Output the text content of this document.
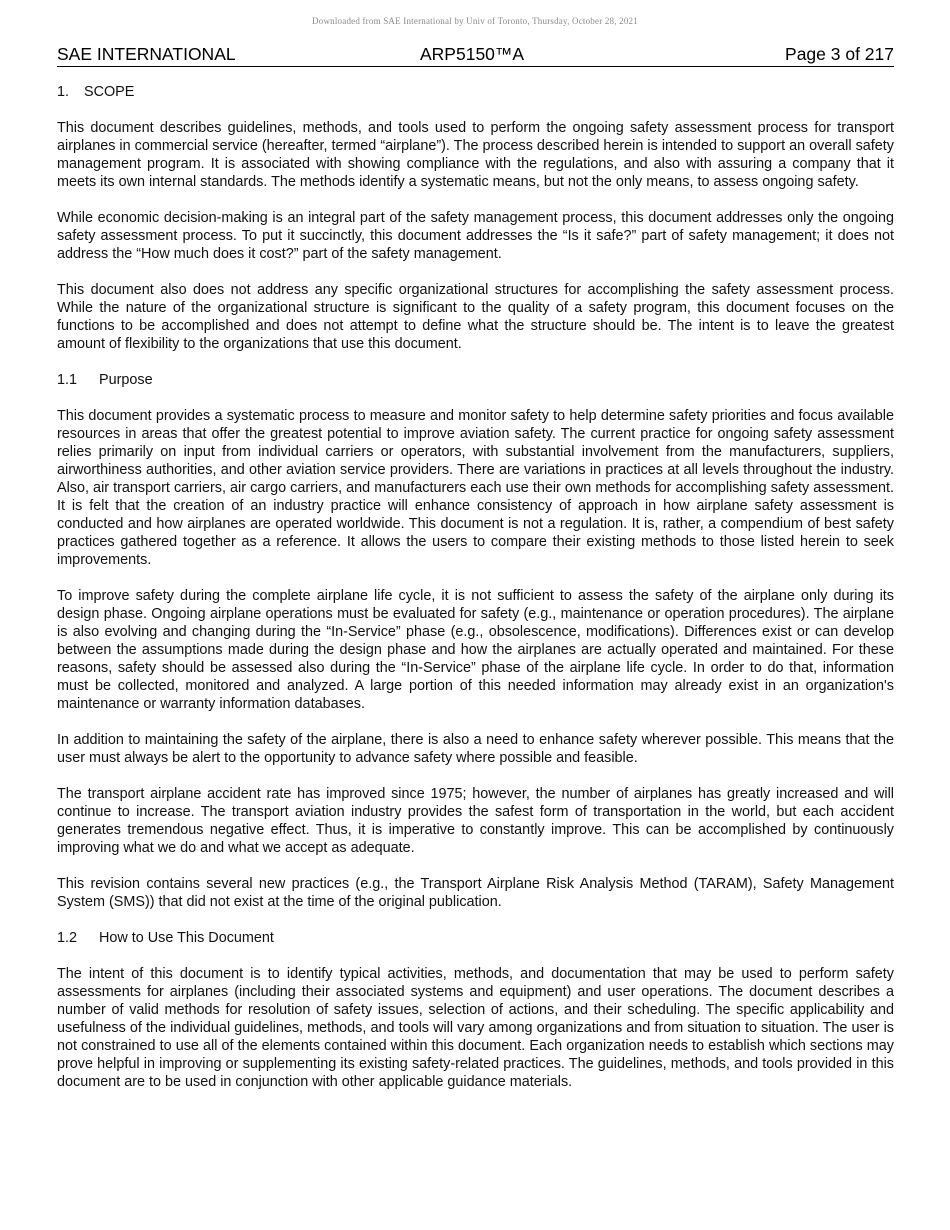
Downloaded from SAE International by Univ of Toronto, Thursday, October 28, 2021
SAE INTERNATIONAL	ARP5150™A	Page 3 of 217
1. SCOPE

This document describes guidelines, methods, and tools used to perform the ongoing safety assessment process for transport airplanes in commercial service (hereafter, termed “airplane”). The process described herein is intended to support an overall safety management program. It is associated with showing compliance with the regulations, and also with assuring a company that it meets its own internal standards. The methods identify a systematic means, but not the only means, to assess ongoing safety.

While economic decision-making is an integral part of the safety management process, this document addresses only the ongoing safety assessment process. To put it succinctly, this document addresses the “Is it safe?” part of safety management; it does not address the “How much does it cost?” part of the safety management.

This document also does not address any specific organizational structures for accomplishing the safety assessment process. While the nature of the organizational structure is significant to the quality of a safety program, this document focuses on the functions to be accomplished and does not attempt to define what the structure should be. The intent is to leave the greatest amount of flexibility to the organizations that use this document.

1.1 Purpose

This document provides a systematic process to measure and monitor safety to help determine safety priorities and focus available resources in areas that offer the greatest potential to improve aviation safety. The current practice for ongoing safety assessment relies primarily on input from individual carriers or operators, with substantial involvement from the manufacturers, suppliers, airworthiness authorities, and other aviation service providers. There are variations in practices at all levels throughout the industry. Also, air transport carriers, air cargo carriers, and manufacturers each use their own methods for accomplishing safety assessment. It is felt that the creation of an industry practice will enhance consistency of approach in how airplane safety assessment is conducted and how airplanes are operated worldwide. This document is not a regulation. It is, rather, a compendium of best safety practices gathered together as a reference. It allows the users to compare their existing methods to those listed herein to seek improvements.

To improve safety during the complete airplane life cycle, it is not sufficient to assess the safety of the airplane only during its design phase. Ongoing airplane operations must be evaluated for safety (e.g., maintenance or operation procedures). The airplane is also evolving and changing during the “In-Service” phase (e.g., obsolescence, modifications). Differences exist or can develop between the assumptions made during the design phase and how the airplanes are actually operated and maintained. For these reasons, safety should be assessed also during the “In-Service” phase of the airplane life cycle. In order to do that, information must be collected, monitored and analyzed. A large portion of this needed information may already exist in an organization's maintenance or warranty information databases.

In addition to maintaining the safety of the airplane, there is also a need to enhance safety wherever possible. This means that the user must always be alert to the opportunity to advance safety where possible and feasible.

The transport airplane accident rate has improved since 1975; however, the number of airplanes has greatly increased and will continue to increase. The transport aviation industry provides the safest form of transportation in the world, but each accident generates tremendous negative effect. Thus, it is imperative to constantly improve. This can be accomplished by continuously improving what we do and what we accept as adequate.

This revision contains several new practices (e.g., the Transport Airplane Risk Analysis Method (TARAM), Safety Management System (SMS)) that did not exist at the time of the original publication.

1.2 How to Use This Document

The intent of this document is to identify typical activities, methods, and documentation that may be used to perform safety assessments for airplanes (including their associated systems and equipment) and user operations. The document describes a number of valid methods for resolution of safety issues, selection of actions, and their scheduling. The specific applicability and usefulness of the individual guidelines, methods, and tools will vary among organizations and from situation to situation. The user is not constrained to use all of the elements contained within this document. Each organization needs to establish which sections may prove helpful in improving or supplementing its existing safety-related practices. The guidelines, methods, and tools provided in this document are to be used in conjunction with other applicable guidance materials.
